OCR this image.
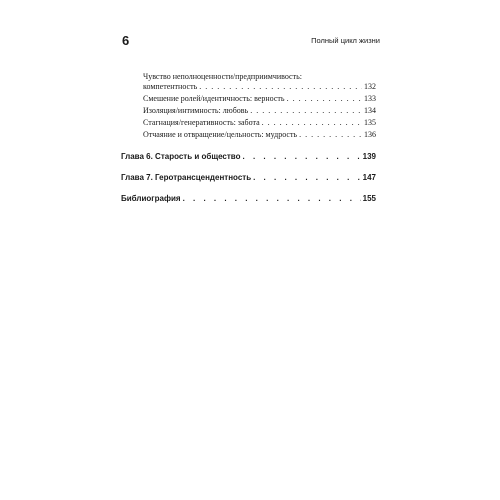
6	Полный цикл жизни
Чувство неполноценности/предприимчивость:
компетентность . . .	132
Смешение ролей/идентичность: верность . . .	133
Изоляция/интимность: любовь . . .	134
Стагнация/генеративность: забота . . .	135
Отчаяние и отвращение/цельность: мудрость . . .	136
Глава 6. Старость и общество . . .	139
Глава 7. Геротрансцендентность . . .	147
Библиография . . .	155
